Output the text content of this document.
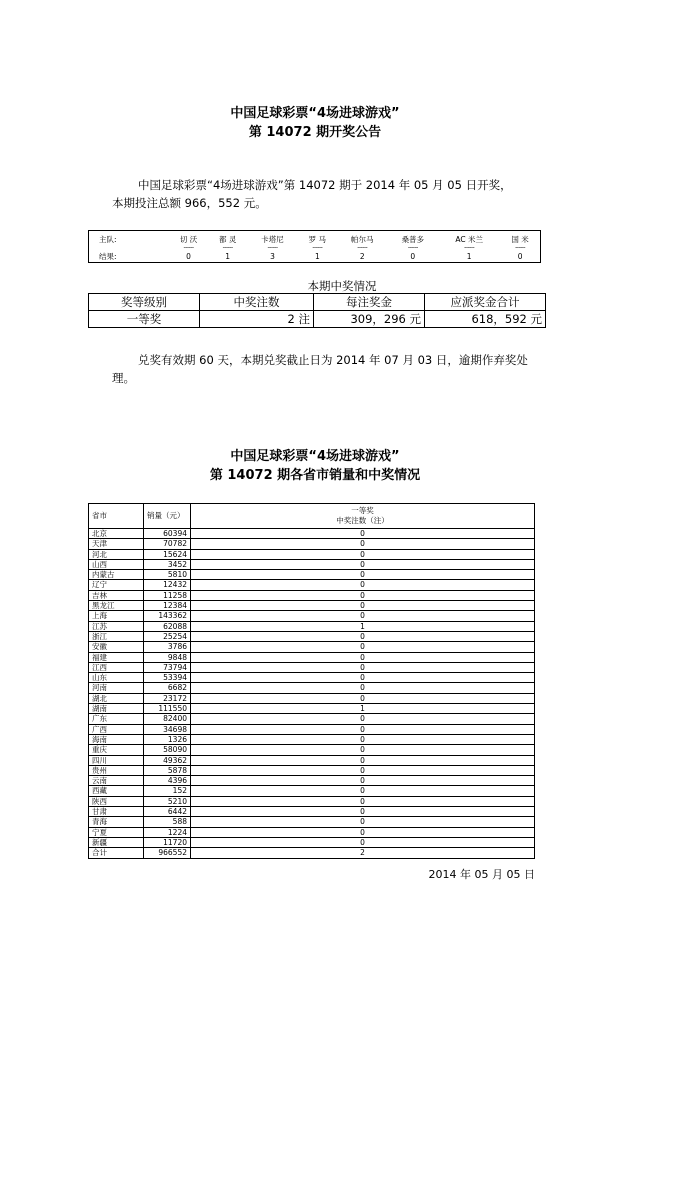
中国足球彩票“4场进球游戏”
第 14072 期开奖公告
中国足球彩票“4场进球游戏”第 14072 期于 2014 年 05 月 05 日开奖，
本期投注总额 966，552 元。
主队:	切 沃	都 灵	卡塔尼	罗 马	帕尔马	桑普多	AC 米兰	国 米
	------	------	------	------	------	------	------	------
结果:	0	1	3	1	2	0	1	0
本期中奖情况
奖等级别	中奖注数	每注奖金	应派奖金合计
一等奖	2 注	309，296 元	618，592 元
兑奖有效期 60 天，本期兑奖截止日为 2014 年 07 月 03 日，逾期作弃奖处
理。
中国足球彩票“4场进球游戏”
第 14072 期各省市销量和中奖情况
省市	销量（元）	一等奖
中奖注数（注）

北京	60394	0
天津	70782	0
河北	15624	0
山西	3452	0
内蒙古	5810	0
辽宁	12432	0
吉林	11258	0
黑龙江	12384	0
上海	143362	0
江苏	62088	1
浙江	25254	0
安徽	3786	0
福建	9848	0
江西	73794	0
山东	53394	0
河南	6682	0
湖北	23172	0
湖南	111550	1
广东	82400	0
广西	34698	0
海南	1326	0
重庆	58090	0
四川	49362	0
贵州	5878	0
云南	4396	0
西藏	152	0
陕西	5210	0
甘肃	6442	0
青海	588	0
宁夏	1224	0
新疆	11720	0
合计	966552	2
2014 年 05 月 05 日
